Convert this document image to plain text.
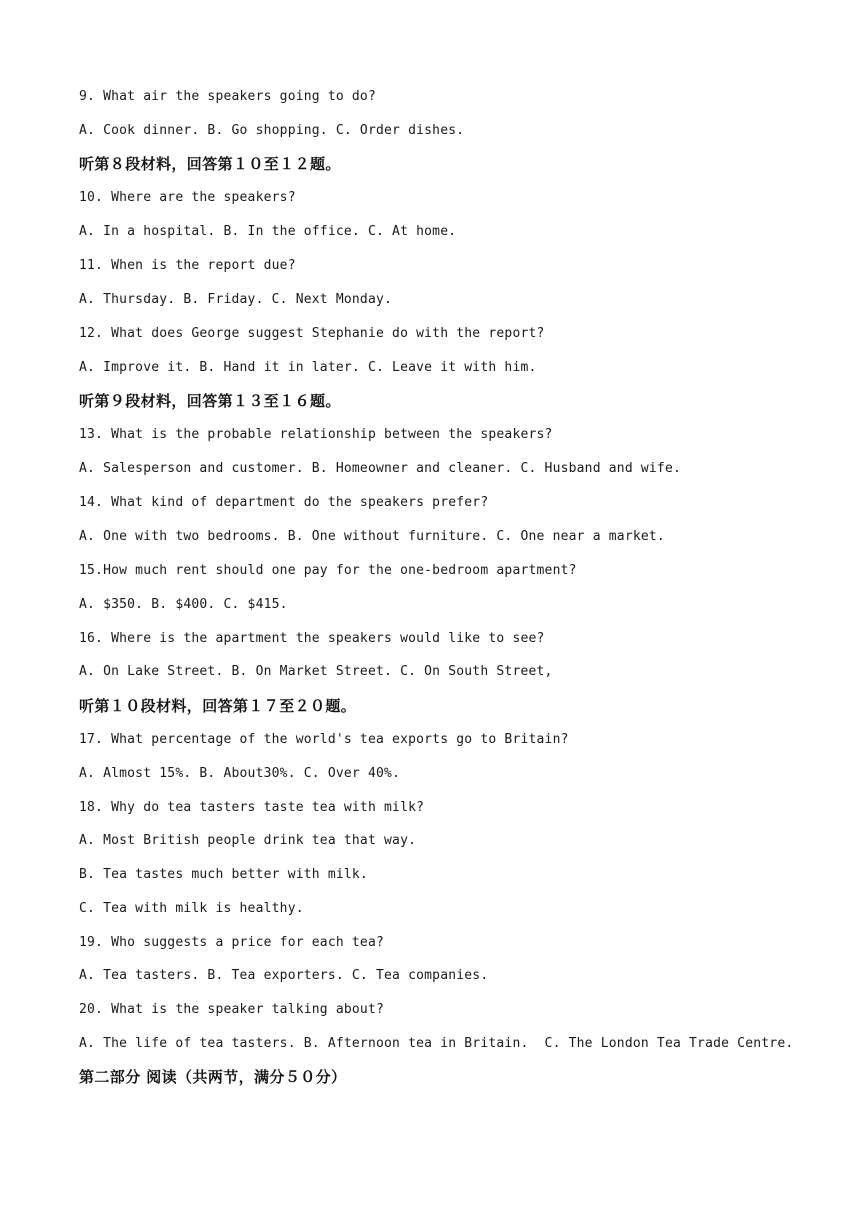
9. What air the speakers going to do?
A. Cook dinner. B. Go shopping. C. Order dishes.
听第８段材料，回答第１０至１２题。
10. Where are the speakers?
A. In a hospital. B. In the office. C. At home.
11. When is the report due?
A. Thursday. B. Friday. C. Next Monday.
12. What does George suggest Stephanie do with the report?
A. Improve it. B. Hand it in later. C. Leave it with him.
听第９段材料，回答第１３至１６题。
13. What is the probable relationship between the speakers?
A. Salesperson and customer. B. Homeowner and cleaner. C. Husband and wife.
14. What kind of department do the speakers prefer?
A. One with two bedrooms. B. One without furniture. C. One near a market.
15.How much rent should one pay for the one-bedroom apartment?
A. $350. B. $400. C. $415.
16. Where is the apartment the speakers would like to see?
A. On Lake Street. B. On Market Street. C. On South Street,
听第１０段材料，回答第１７至２０题。
17. What percentage of the world's tea exports go to Britain?
A. Almost 15%. B. About30%. C. Over 40%.
18. Why do tea tasters taste tea with milk?
A. Most British people drink tea that way.
B. Tea tastes much better with milk.
C. Tea with milk is healthy.
19. Who suggests a price for each tea?
A. Tea tasters. B. Tea exporters. C. Tea companies.
20. What is the speaker talking about?
A. The life of tea tasters. B. Afternoon tea in Britain.  C. The London Tea Trade Centre.
第二部分 阅读（共两节，满分５０分）
